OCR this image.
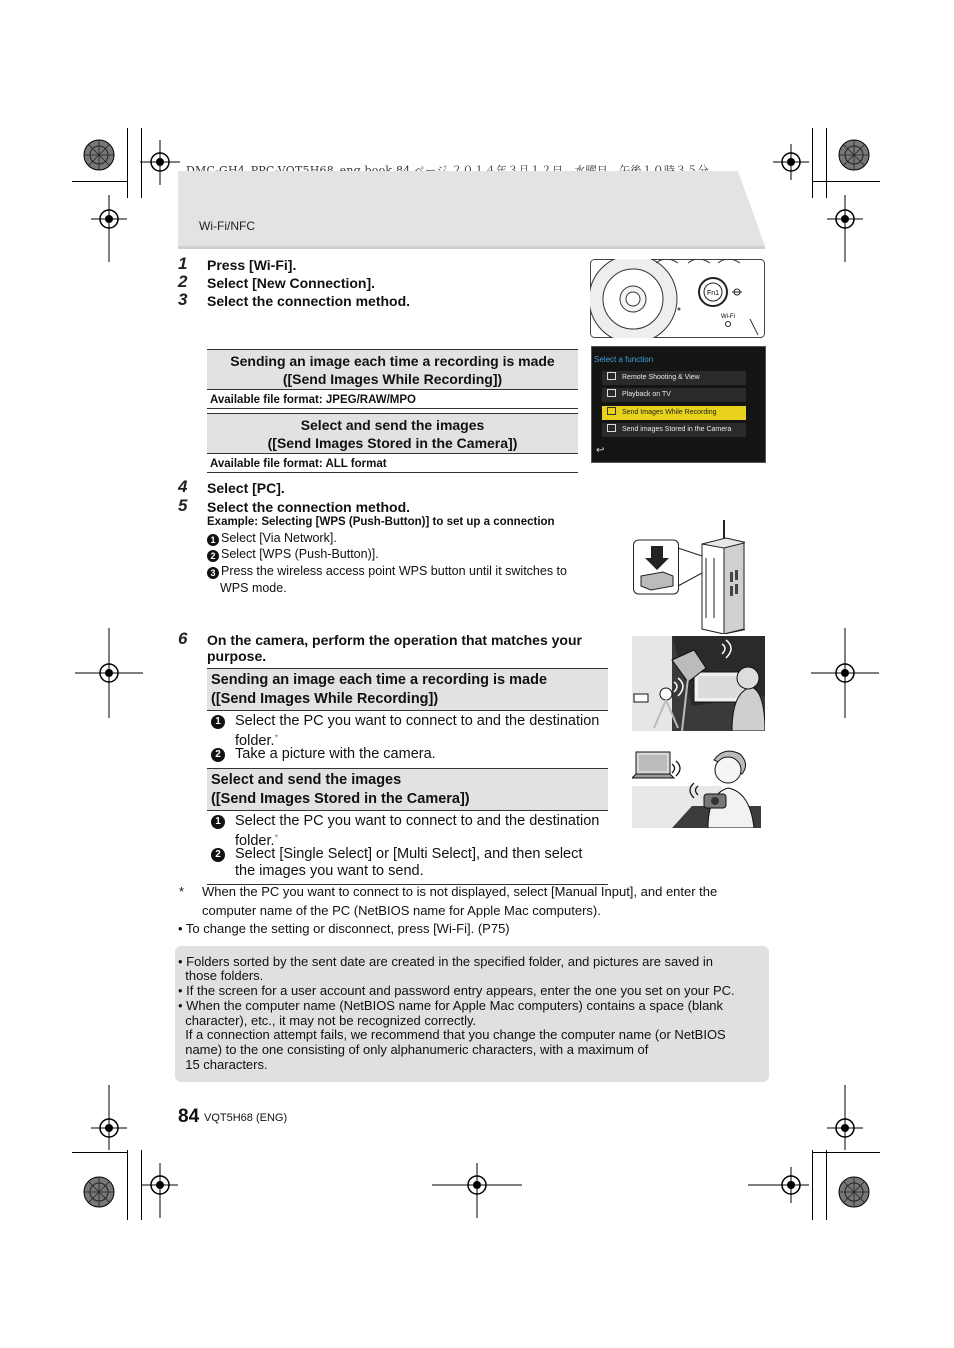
Wi-Fi/NFC
1	Press [Wi-Fi].
2	Select [New Connection].
3	Select the connection method.
Sending an image each time a recording is made
([Send Images While Recording])
Available file format: JPEG/RAW/MPO
Select and send the images
([Send Images Stored in the Camera])
Available file format: ALL format
Fn1
Wi-Fi
Select a function
Remote Shooting & View
Playback on TV
Send Images While Recording
Send images Stored in the Camera
↩
4	Select [PC].
5	Select the connection method.
Example: Selecting [WPS (Push-Button)] to set up a connection
1 Select [Via Network].
2 Select [WPS (Push-Button)].
3 Press the wireless access point WPS button until it switches to
WPS mode.
6	On the camera, perform the operation that matches your
purpose.
Sending an image each time a recording is made
([Send Images While Recording])
1 Select the PC you want to connect to and the destination
folder.*
2 Take a picture with the camera.
Select and send the images
([Send Images Stored in the Camera])
1 Select the PC you want to connect to and the destination
folder.*
2 Select [Single Select] or [Multi Select], and then select
the images you want to send.
* When the PC you want to connect to is not displayed, select [Manual Input], and enter the
computer name of the PC (NetBIOS name for Apple Mac computers).
• To change the setting or disconnect, press [Wi-Fi]. (P75)
• Folders sorted by the sent date are created in the specified folder, and pictures are saved in
those folders.
• If the screen for a user account and password entry appears, enter the one you set on your PC.
• When the computer name (NetBIOS name for Apple Mac computers) contains a space (blank
character), etc., it may not be recognized correctly.
If a connection attempt fails, we recommend that you change the computer name (or NetBIOS
name) to the one consisting of only alphanumeric characters, with a maximum of
15 characters.
84 VQT5H68 (ENG)
